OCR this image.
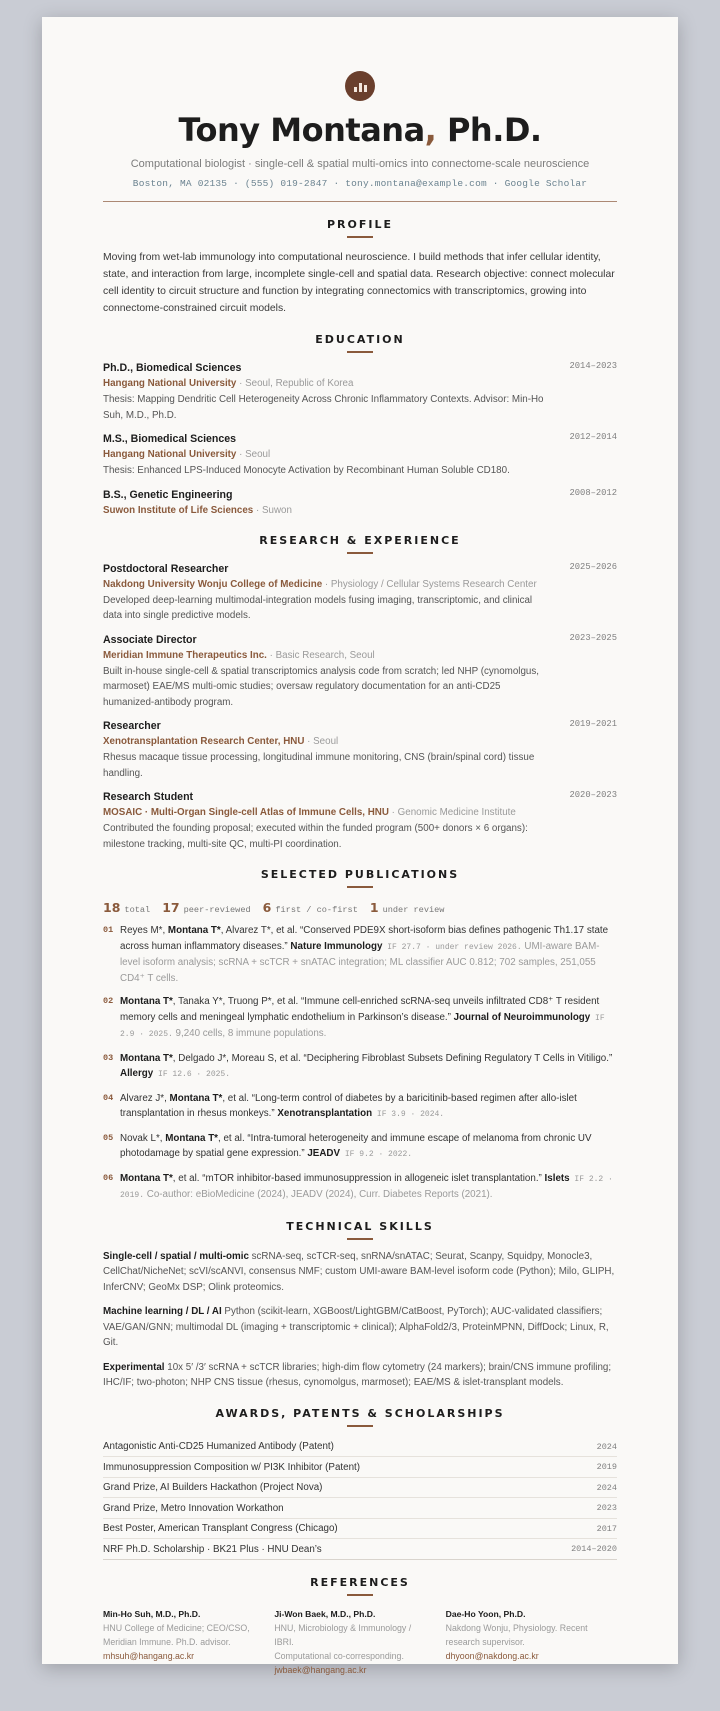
Tony Montana, Ph.D.
Computational biologist · single-cell & spatial multi-omics into connectome-scale neuroscience
Boston, MA 02135 · (555) 019-2847 · tony.montana@example.com · Google Scholar
PROFILE
Moving from wet-lab immunology into computational neuroscience. I build methods that infer cellular identity, state, and interaction from large, incomplete single-cell and spatial data. Research objective: connect molecular cell identity to circuit structure and function by integrating connectomics with transcriptomics, growing into connectome-constrained circuit models.
EDUCATION
Ph.D., Biomedical Sciences	2014–2023
Hangang National University · Seoul, Republic of Korea
Thesis: Mapping Dendritic Cell Heterogeneity Across Chronic Inflammatory Contexts. Advisor: Min-Ho Suh, M.D., Ph.D.
M.S., Biomedical Sciences	2012–2014
Hangang National University · Seoul
Thesis: Enhanced LPS-Induced Monocyte Activation by Recombinant Human Soluble CD180.
B.S., Genetic Engineering	2008–2012
Suwon Institute of Life Sciences · Suwon
RESEARCH & EXPERIENCE
Postdoctoral Researcher	2025–2026
Nakdong University Wonju College of Medicine · Physiology / Cellular Systems Research Center
Developed deep-learning multimodal-integration models fusing imaging, transcriptomic, and clinical data into single predictive models.
Associate Director	2023–2025
Meridian Immune Therapeutics Inc. · Basic Research, Seoul
Built in-house single-cell & spatial transcriptomics analysis code from scratch; led NHP (cynomolgus, marmoset) EAE/MS multi-omic studies; oversaw regulatory documentation for an anti-CD25 humanized-antibody program.
Researcher	2019–2021
Xenotransplantation Research Center, HNU · Seoul
Rhesus macaque tissue processing, longitudinal immune monitoring, CNS (brain/spinal cord) tissue handling.
Research Student	2020–2023
MOSAIC · Multi-Organ Single-cell Atlas of Immune Cells, HNU · Genomic Medicine Institute
Contributed the founding proposal; executed within the funded program (500+ donors × 6 organs): milestone tracking, multi-site QC, multi-PI coordination.
SELECTED PUBLICATIONS
18 total 17 peer-reviewed 6 first / co-first 1 under review
01 Reyes M*, Montana T*, Alvarez T*, et al. “Conserved PDE9X short-isoform bias defines pathogenic Th1.17 state across human inflammatory diseases.” Nature Immunology IF 27.7 · under review 2026. UMI-aware BAM-level isoform analysis; scRNA + scTCR + snATAC integration; ML classifier AUC 0.812; 702 samples, 251,055 CD4⁺ T cells.
02 Montana T*, Tanaka Y*, Truong P*, et al. “Immune cell-enriched scRNA-seq unveils infiltrated CD8⁺ T resident memory cells and meningeal lymphatic endothelium in Parkinson’s disease.” Journal of Neuroimmunology IF 2.9 · 2025. 9,240 cells, 8 immune populations.
03 Montana T*, Delgado J*, Moreau S, et al. “Deciphering Fibroblast Subsets Defining Regulatory T Cells in Vitiligo.” Allergy IF 12.6 · 2025.
04 Alvarez J*, Montana T*, et al. “Long-term control of diabetes by a baricitinib-based regimen after allo-islet transplantation in rhesus monkeys.” Xenotransplantation IF 3.9 · 2024.
05 Novak L*, Montana T*, et al. “Intra-tumoral heterogeneity and immune escape of melanoma from chronic UV photodamage by spatial gene expression.” JEADV IF 9.2 · 2022.
06 Montana T*, et al. “mTOR inhibitor-based immunosuppression in allogeneic islet transplantation.” Islets IF 2.2 · 2019. Co-author: eBioMedicine (2024), JEADV (2024), Curr. Diabetes Reports (2021).
TECHNICAL SKILLS
Single-cell / spatial / multi-omic scRNA-seq, scTCR-seq, snRNA/snATAC; Seurat, Scanpy, Squidpy, Monocle3, CellChat/NicheNet; scVI/scANVI, consensus NMF; custom UMI-aware BAM-level isoform code (Python); Milo, GLIPH, InferCNV; GeoMx DSP; Olink proteomics.
Machine learning / DL / AI Python (scikit-learn, XGBoost/LightGBM/CatBoost, PyTorch); AUC-validated classifiers; VAE/GAN/GNN; multimodal DL (imaging + transcriptomic + clinical); AlphaFold2/3, ProteinMPNN, DiffDock; Linux, R, Git.
Experimental 10x 5′ /3′ scRNA + scTCR libraries; high-dim flow cytometry (24 markers); brain/CNS immune profiling; IHC/IF; two-photon; NHP CNS tissue (rhesus, cynomolgus, marmoset); EAE/MS & islet-transplant models.
AWARDS, PATENTS & SCHOLARSHIPS
Antagonistic Anti-CD25 Humanized Antibody (Patent)	2024
Immunosuppression Composition w/ PI3K Inhibitor (Patent)	2019
Grand Prize, AI Builders Hackathon (Project Nova)	2024
Grand Prize, Metro Innovation Workathon	2023
Best Poster, American Transplant Congress (Chicago)	2017
NRF Ph.D. Scholarship · BK21 Plus · HNU Dean’s	2014–2020
REFERENCES
Min-Ho Suh, M.D., Ph.D.
HNU College of Medicine; CEO/CSO,
Meridian Immune. Ph.D. advisor.
mhsuh@hangang.ac.kr
Ji-Won Baek, M.D., Ph.D.
HNU, Microbiology & Immunology / IBRI.
Computational co-corresponding.
jwbaek@hangang.ac.kr
Dae-Ho Yoon, Ph.D.
Nakdong Wonju, Physiology. Recent
research supervisor.
dhyoon@nakdong.ac.kr
